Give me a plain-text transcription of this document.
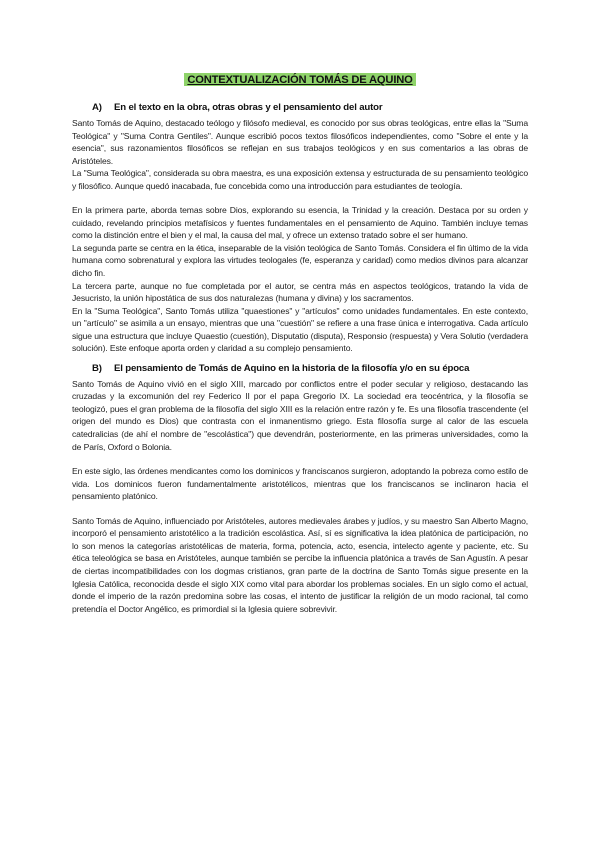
CONTEXTUALIZACIÓN TOMÁS DE AQUINO
A) En el texto en la obra, otras obras y el pensamiento del autor

Santo Tomás de Aquino, destacado teólogo y filósofo medieval, es conocido por sus obras teológicas, entre ellas la "Suma Teológica" y "Suma Contra Gentiles". Aunque escribió pocos textos filosóficos independientes, como "Sobre el ente y la esencia", sus razonamientos filosóficos se reflejan en sus trabajos teológicos y en sus comentarios a las obras de Aristóteles.

La "Suma Teológica", considerada su obra maestra, es una exposición extensa y estructurada de su pensamiento teológico y filosófico. Aunque quedó inacabada, fue concebida como una introducción para estudiantes de teología.

En la primera parte, aborda temas sobre Dios, explorando su esencia, la Trinidad y la creación. Destaca por su orden y cuidado, revelando principios metafísicos y fuentes fundamentales en el pensamiento de Aquino. También incluye temas como la distinción entre el bien y el mal, la causa del mal, y ofrece un extenso tratado sobre el ser humano.

La segunda parte se centra en la ética, inseparable de la visión teológica de Santo Tomás. Considera el fin último de la vida humana como sobrenatural y explora las virtudes teologales (fe, esperanza y caridad) como medios divinos para alcanzar dicho fin.

La tercera parte, aunque no fue completada por el autor, se centra más en aspectos teológicos, tratando la vida de Jesucristo, la unión hipostática de sus dos naturalezas (humana y divina) y los sacramentos.

En la "Suma Teológica", Santo Tomás utiliza "quaestiones" y "artículos" como unidades fundamentales. En este contexto, un "artículo" se asimila a un ensayo, mientras que una "cuestión" se refiere a una frase única e interrogativa. Cada artículo sigue una estructura que incluye Quaestio (cuestión), Disputatio (disputa), Responsio (respuesta) y Vera Solutio (verdadera solución). Este enfoque aporta orden y claridad a su complejo pensamiento.

B) El pensamiento de Tomás de Aquino en la historia de la filosofía y/o en su época

Santo Tomás de Aquino vivió en el siglo XIII, marcado por conflictos entre el poder secular y religioso, destacando las cruzadas y la excomunión del rey Federico II por el papa Gregorio IX. La sociedad era teocéntrica, y la filosofía se teologizó, pues el gran problema de la filosofía del siglo XIII es la relación entre razón y fe. Es una filosofía trascendente (el origen del mundo es Dios) que contrasta con el inmanentismo griego. Esta filosofía surge al calor de las escuela catedralicias (de ahí el nombre de "escolástica") que devendrán, posteriormente, en las primeras universidades, como la de París, Oxford o Bolonia.

En este siglo, las órdenes mendicantes como los dominicos y franciscanos surgieron, adoptando la pobreza como estilo de vida. Los dominicos fueron fundamentalmente aristotélicos, mientras que los franciscanos se inclinaron hacia el pensamiento platónico.

Santo Tomás de Aquino, influenciado por Aristóteles, autores medievales árabes y judíos, y su maestro San Alberto Magno, incorporó el pensamiento aristotélico a la tradición escolástica. Así, sí es significativa la idea platónica de participación, no lo son menos la categorías aristotélicas de materia, forma, potencia, acto, esencia, intelecto agente y paciente, etc. Su ética teleológica se basa en Aristóteles, aunque también se percibe la influencia platónica a través de San Agustín. A pesar de ciertas incompatibilidades con los dogmas cristianos, gran parte de la doctrina de Santo Tomás sigue presente en la Iglesia Católica, reconocida desde el siglo XIX como vital para abordar los problemas sociales. En un siglo como el actual, donde el imperio de la razón predomina sobre las cosas, el intento de justificar la religión de un modo racional, tal como pretendía el Doctor Angélico, es primordial si la Iglesia quiere sobrevivir.
